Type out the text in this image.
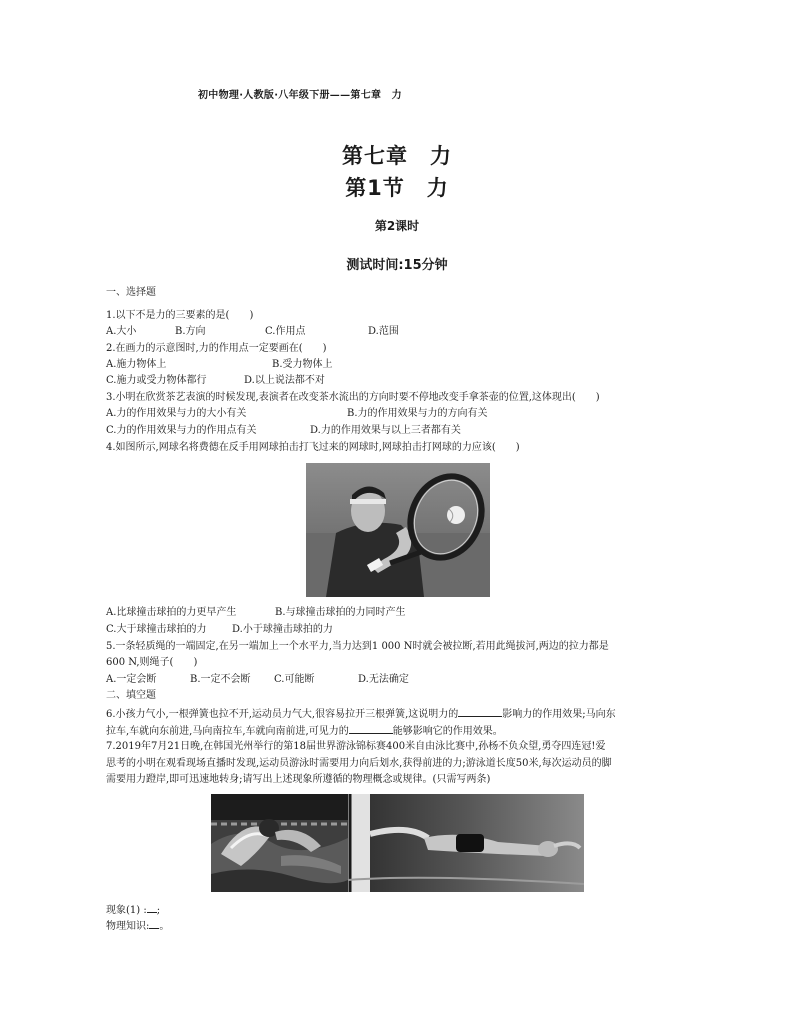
初中物理·人教版·八年级下册——第七章　力
第七章　力
第1节　力
第2课时
测试时间:15分钟
一、选择题
1.以下不是力的三要素的是(　　)
A.大小	B.方向	C.作用点	D.范围
2.在画力的示意图时,力的作用点一定要画在(　　)
A.施力物体上	B.受力物体上
C.施力或受力物体都行	D.以上说法都不对
3.小明在欣赏茶艺表演的时候发现,表演者在改变茶水流出的方向时要不停地改变手拿茶壶的位置,这体现出(　　)
A.力的作用效果与力的大小有关	B.力的作用效果与力的方向有关
C.力的作用效果与力的作用点有关	D.力的作用效果与以上三者都有关
4.如图所示,网球名将费德在反手用网球拍击打飞过来的网球时,网球拍击打网球的力应该(　　)
A.比球撞击球拍的力更早产生	B.与球撞击球拍的力同时产生
C.大于球撞击球拍的力	D.小于球撞击球拍的力
5.一条轻质绳的一端固定,在另一端加上一个水平力,当力达到1 000 N时就会被拉断,若用此绳拔河,两边的拉力都是
600 N,则绳子(　　)
A.一定会断	B.一定不会断 C.可能断	D.无法确定
二、填空题
6.小孩力气小,一根弹簧也拉不开,运动员力气大,很容易拉开三根弹簧,这说明力的	影响力的作用效果;马向东
拉车,车就向东前进,马向南拉车,车就向南前进,可见力的	能够影响它的作用效果。
7.2019年7月21日晚,在韩国光州举行的第18届世界游泳锦标赛400米自由泳比赛中,孙杨不负众望,勇夺四连冠!爱
思考的小明在观看现场直播时发现,运动员游泳时需要用力向后划水,获得前进的力;游泳道长度50米,每次运动员的脚
需要用力蹬岸,即可迅速地转身;请写出上述现象所遵循的物理概念或规律。(只需写两条)
现象(1) : ;
物理知识: 。
